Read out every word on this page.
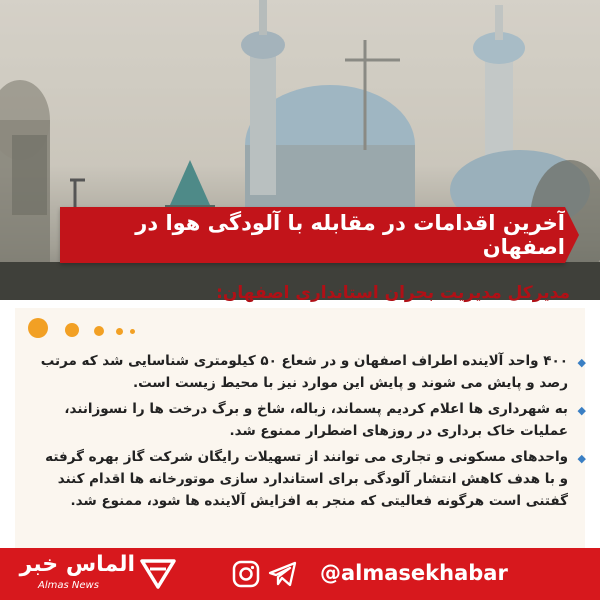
آخرین اقدامات در مقابله با آلودگی هوا در اصفهان
مدیرکل مدیریت بحران استانداری اصفهان:
◆
۴۰۰ واحد آلاینده اطراف اصفهان و در شعاع ۵۰ کیلومتری شناسایی شد که مرتب رصد و پایش می شوند و پایش این موارد نیز با محیط زیست است.
◆
به شهرداری ها اعلام کردیم پسماند، زباله، شاخ و برگ درخت ها را نسوزانند، عملیات خاک برداری در روزهای اضطرار ممنوع شد.
◆
واحدهای مسکونی و تجاری می توانند از تسهیلات رایگان شرکت گاز بهره گرفته و با هدف کاهش انتشار آلودگی برای استاندارد سازی موتورخانه ها اقدام کنند گفتنی است هرگونه فعالیتی که منجر به افزایش آلاینده ها شود، ممنوع شد.
الماس خبر
Almas News
@almasekhabar
